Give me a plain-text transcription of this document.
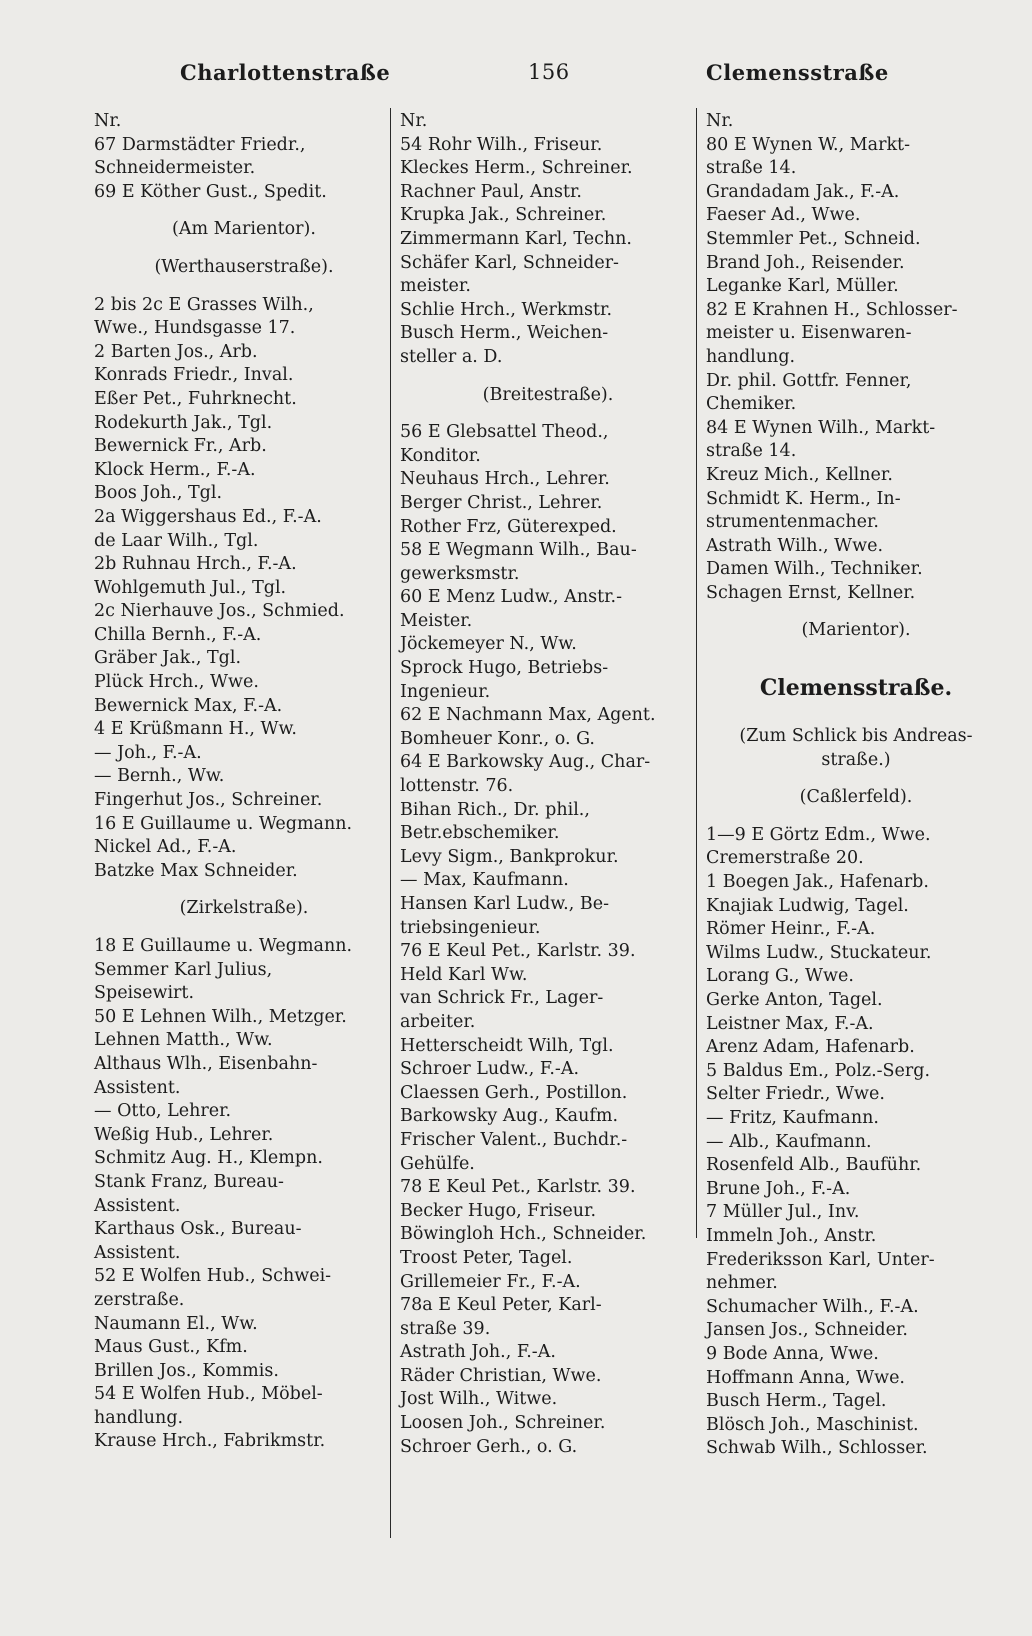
Charlottenstraße	156	Clemensstraße
Nr.
67 Darmstädter Friedr.,
Schneidermeister.
69 E Köther Gust., Spedit.
(Am Marientor).
(Werthauserstraße).
2 bis 2c E Grasses Wilh.,
Wwe., Hundsgasse 17.
2 Barten Jos., Arb.
Konrads Friedr., Inval.
Eßer Pet., Fuhrknecht.
Rodekurth Jak., Tgl.
Bewernick Fr., Arb.
Klock Herm., F.-A.
Boos Joh., Tgl.
2a Wiggershaus Ed., F.-A.
de Laar Wilh., Tgl.
2b Ruhnau Hrch., F.-A.
Wohlgemuth Jul., Tgl.
2c Nierhauve Jos., Schmied.
Chilla Bernh., F.-A.
Gräber Jak., Tgl.
Plück Hrch., Wwe.
Bewernick Max, F.-A.
4 E Krüßmann H., Ww.
— Joh., F.-A.
— Bernh., Ww.
Fingerhut Jos., Schreiner.
16 E Guillaume u. Wegmann.
Nickel Ad., F.-A.
Batzke Max Schneider.
(Zirkelstraße).
18 E Guillaume u. Wegmann.
Semmer Karl Julius,
Speisewirt.
50 E Lehnen Wilh., Metzger.
Lehnen Matth., Ww.
Althaus Wlh., Eisenbahn-
Assistent.
— Otto, Lehrer.
Weßig Hub., Lehrer.
Schmitz Aug. H., Klempn.
Stank Franz, Bureau-
Assistent.
Karthaus Osk., Bureau-
Assistent.
52 E Wolfen Hub., Schwei-
zerstraße.
Naumann El., Ww.
Maus Gust., Kfm.
Brillen Jos., Kommis.
54 E Wolfen Hub., Möbel-
handlung.
Krause Hrch., Fabrikmstr.
Nr.
54 Rohr Wilh., Friseur.
Kleckes Herm., Schreiner.
Rachner Paul, Anstr.
Krupka Jak., Schreiner.
Zimmermann Karl, Techn.
Schäfer Karl, Schneider-
meister.
Schlie Hrch., Werkmstr.
Busch Herm., Weichen-
steller a. D.
(Breitestraße).
56 E Glebsattel Theod.,
Konditor.
Neuhaus Hrch., Lehrer.
Berger Christ., Lehrer.
Rother Frz, Güterexped.
58 E Wegmann Wilh., Bau-
gewerksmstr.
60 E Menz Ludw., Anstr.-
Meister.
Jöckemeyer N., Ww.
Sprock Hugo, Betriebs-
Ingenieur.
62 E Nachmann Max, Agent.
Bomheuer Konr., o. G.
64 E Barkowsky Aug., Char-
lottenstr. 76.
Bihan Rich., Dr. phil.,
Betr.ebschemiker.
Levy Sigm., Bankprokur.
— Max, Kaufmann.
Hansen Karl Ludw., Be-
triebsingenieur.
76 E Keul Pet., Karlstr. 39.
Held Karl Ww.
van Schrick Fr., Lager-
arbeiter.
Hetterscheidt Wilh, Tgl.
Schroer Ludw., F.-A.
Claessen Gerh., Postillon.
Barkowsky Aug., Kaufm.
Frischer Valent., Buchdr.-
Gehülfe.
78 E Keul Pet., Karlstr. 39.
Becker Hugo, Friseur.
Böwingloh Hch., Schneider.
Troost Peter, Tagel.
Grillemeier Fr., F.-A.
78a E Keul Peter, Karl-
straße 39.
Astrath Joh., F.-A.
Räder Christian, Wwe.
Jost Wilh., Witwe.
Loosen Joh., Schreiner.
Schroer Gerh., o. G.
Nr.
80 E Wynen W., Markt-
straße 14.
Grandadam Jak., F.-A.
Faeser Ad., Wwe.
Stemmler Pet., Schneid.
Brand Joh., Reisender.
Leganke Karl, Müller.
82 E Krahnen H., Schlosser-
meister u. Eisenwaren-
handlung.
Dr. phil. Gottfr. Fenner,
Chemiker.
84 E Wynen Wilh., Markt-
straße 14.
Kreuz Mich., Kellner.
Schmidt K. Herm., In-
strumentenmacher.
Astrath Wilh., Wwe.
Damen Wilh., Techniker.
Schagen Ernst, Kellner.
(Marientor).
Clemensstraße.
(Zum Schlick bis Andreas-
straße.)
(Caßlerfeld).
1—9 E Görtz Edm., Wwe.
Cremerstraße 20.
1 Boegen Jak., Hafenarb.
Knajiak Ludwig, Tagel.
Römer Heinr., F.-A.
Wilms Ludw., Stuckateur.
Lorang G., Wwe.
Gerke Anton, Tagel.
Leistner Max, F.-A.
Arenz Adam, Hafenarb.
5 Baldus Em., Polz.-Serg.
Selter Friedr., Wwe.
— Fritz, Kaufmann.
— Alb., Kaufmann.
Rosenfeld Alb., Bauführ.
Brune Joh., F.-A.
7 Müller Jul., Inv.
Immeln Joh., Anstr.
Frederiksson Karl, Unter-
nehmer.
Schumacher Wilh., F.-A.
Jansen Jos., Schneider.
9 Bode Anna, Wwe.
Hoffmann Anna, Wwe.
Busch Herm., Tagel.
Blösch Joh., Maschinist.
Schwab Wilh., Schlosser.
